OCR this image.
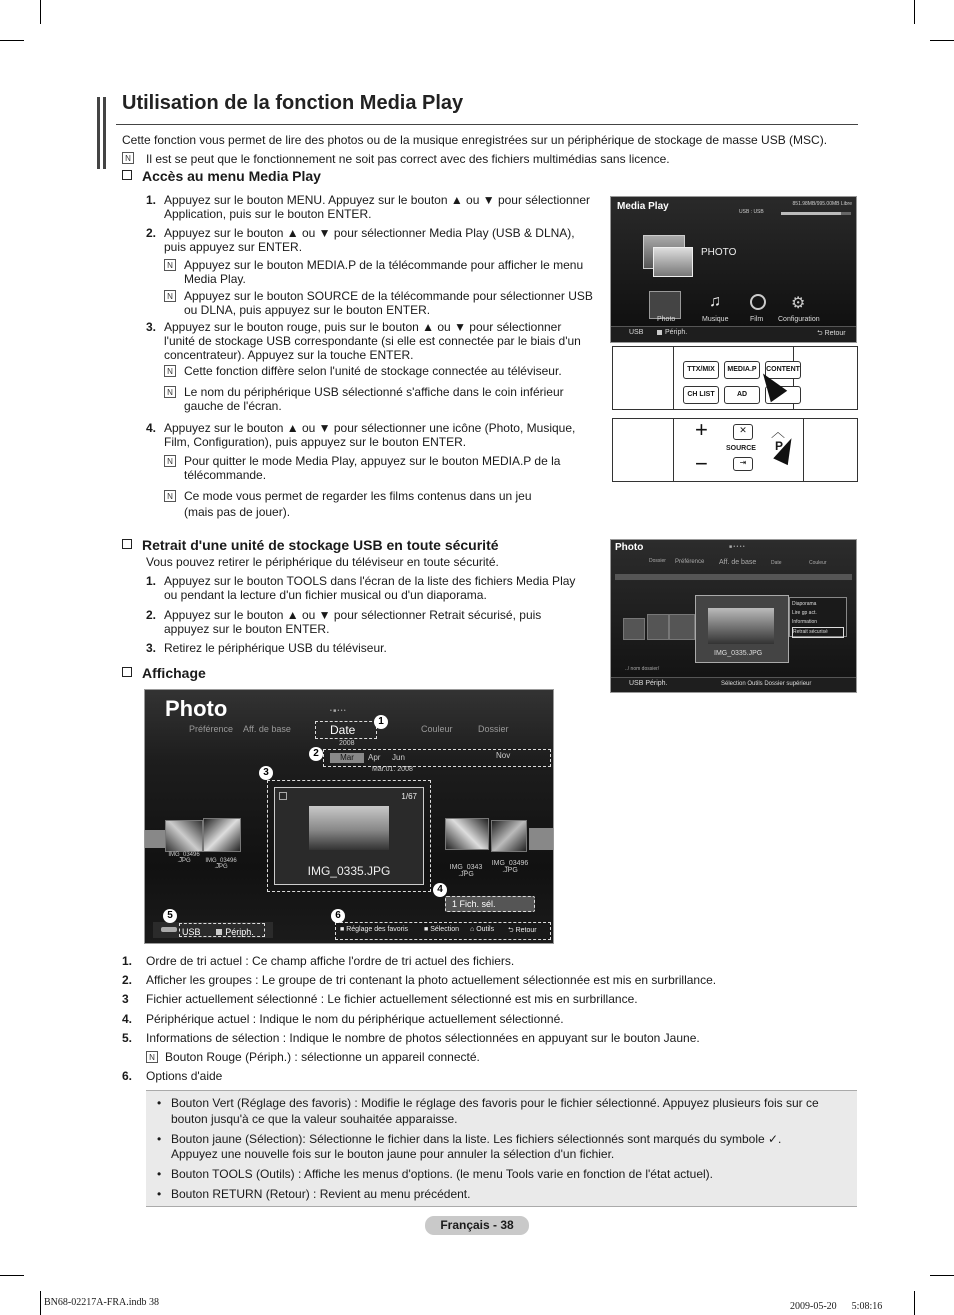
Utilisation de la fonction Media Play
Cette fonction vous permet de lire des photos ou de la musique enregistrées sur un périphérique de stockage de masse USB (MSC).
N Il est se peut que le fonctionnement ne soit pas correct avec des fichiers multimédias sans licence.
Accès au menu Media Play
1. Appuyez sur le bouton MENU. Appuyez sur le bouton ▲ ou ▼ pour sélectionner
Application, puis sur le bouton ENTER.
2. Appuyez sur le bouton ▲ ou ▼ pour sélectionner Media Play (USB & DLNA),
puis appuyez sur ENTER.
N Appuyez sur le bouton MEDIA.P de la télécommande pour afficher le menu
Media Play.
N Appuyez sur le bouton SOURCE de la télécommande pour sélectionner USB
ou DLNA, puis appuyez sur le bouton ENTER.
3. Appuyez sur le bouton rouge, puis sur le bouton ▲ ou ▼ pour sélectionner
l'unité de stockage USB correspondante (si elle est connectée par le biais d'un
concentrateur). Appuyez sur la touche ENTER.
N Cette fonction diffère selon l'unité de stockage connectée au téléviseur.
N Le nom du périphérique USB sélectionné s'affiche dans le coin inférieur
gauche de l'écran.
4. Appuyez sur le bouton ▲ ou ▼ pour sélectionner une icône (Photo, Musique,
Film, Configuration), puis appuyez sur le bouton ENTER.
N Pour quitter le mode Media Play, appuyez sur le bouton MEDIA.P de la
télécommande.
N Ce mode vous permet de regarder les films contenus dans un jeu
(mais pas de jouer).
Media Play	851.98MB/995.00MB Libre
USB : USB
PHOTO
♫	⚙
Photo	Musique	Film Configuration
USB	Périph.	⮌ Retour
TTX/MIX	MEDIA.P	CONTENT
CH LIST	AD
+
−
✕
SOURCE
⇥
︿
P
Retrait d'une unité de stockage USB en toute sécurité
Vous pouvez retirer le périphérique du téléviseur en toute sécurité.
1. Appuyez sur le bouton TOOLS dans l'écran de la liste des fichiers Media Play
ou pendant la lecture d'un fichier musical ou d'un diaporama.
2. Appuyez sur le bouton ▲ ou ▼ pour sélectionner Retrait sécurisé, puis
appuyez sur le bouton ENTER.
3. Retirez le périphérique USB du téléviseur.
Affichage
Photo	■ • • • •
Dossier Préférence Aff. de base	Date	Couleur
IMG_0335.JPG
Diaporama
Lire gp act.
Information
Retrait sécurisé
../ nom dossier/
USB Périph.	Sélection Outils Dossier supérieur
Photo	• ■ • • •
Préférence Aff. de base	Date	Couleur	Dossier
2008
Mar	Apr Jun	Nov
Mar.01. 2008
IMG_03496 .JPG	IMG_03496 .JPG
1/67
IMG_0335.JPG	IMG_0343 .JPG
IMG_03496 .JPG
1 Fich. sél.
USB	Périph.	■ Réglage des favoris ■ Sélection ⌂ Outils ⮌ Retour
1
2
3
4
5	6
1. Ordre de tri actuel : Ce champ affiche l'ordre de tri actuel des fichiers.
2. Afficher les groupes : Le groupe de tri contenant la photo actuellement sélectionnée est mis en surbrillance.
3 Fichier actuellement sélectionné : Le fichier actuellement sélectionné est mis en surbrillance.
4. Périphérique actuel : Indique le nom du périphérique actuellement sélectionné.
5. Informations de sélection : Indique le nombre de photos sélectionnées en appuyant sur le bouton Jaune.
N Bouton Rouge (Périph.) : sélectionne un appareil connecté.
6. Options d'aide
• Bouton Vert (Réglage des favoris) : Modifie le réglage des favoris pour le fichier sélectionné. Appuyez plusieurs fois sur ce
bouton jusqu'à ce que la valeur souhaitée apparaisse.
• Bouton jaune (Sélection): Sélectionne le fichier dans la liste. Les fichiers sélectionnés sont marqués du symbole ✓.
Appuyez une nouvelle fois sur le bouton jaune pour annuler la sélection d'un fichier.
• Bouton TOOLS (Outils) : Affiche les menus d'options. (le menu Tools varie en fonction de l'état actuel).
• Bouton RETURN (Retour) : Revient au menu précédent.
Français - 38
BN68-02217A-FRA.indb 38	2009-05-20 　 5:08:16
